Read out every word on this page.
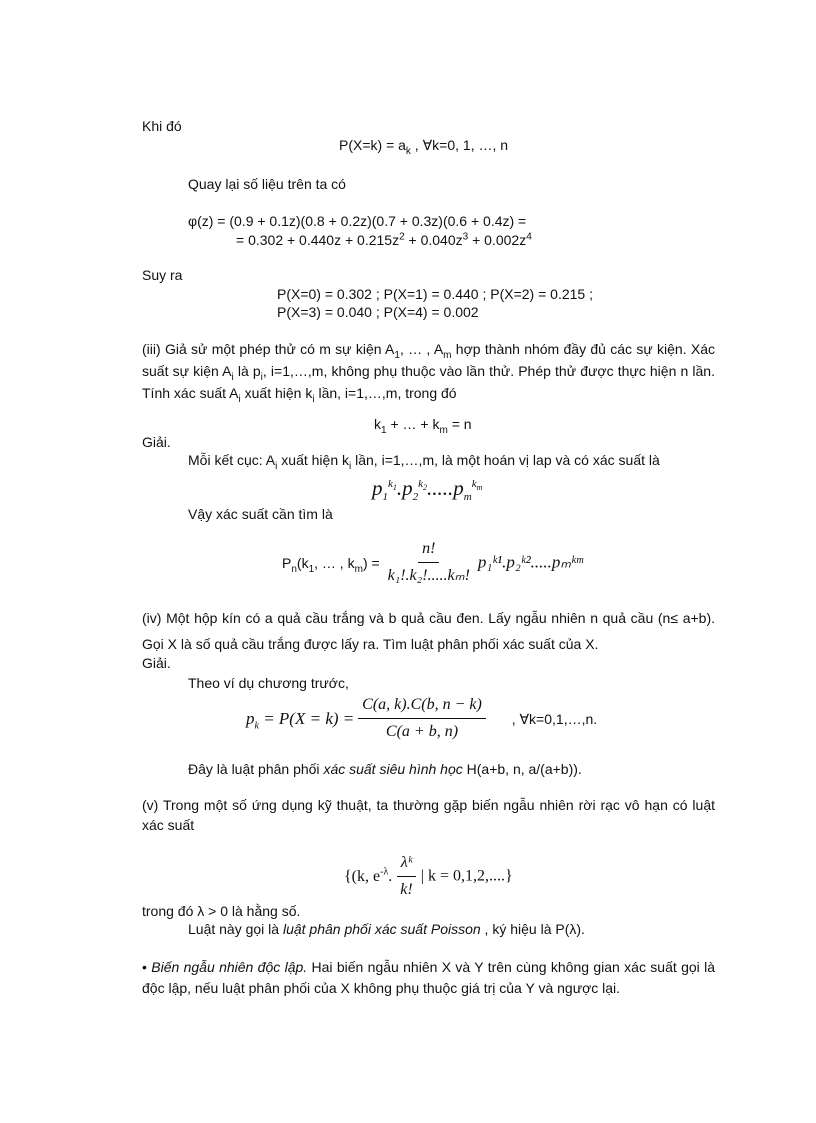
Khi đó
$P(X=k) = a_k$ , ∀k=0, 1, …, n
Quay lại số liệu trên ta có
φ(z) = (0.9 + 0.1z)(0.8 + 0.2z)(0.7 + 0.3z)(0.6 + 0.4z) =
= $0.302 + 0.440z + 0.215z^2 + 0.040z^3 + 0.002z^4$
Suy ra
P(X=0) = 0.302 ; P(X=1) = 0.440 ; P(X=2) = 0.215 ;
P(X=3) = 0.040 ; P(X=4) = 0.002
(iii) Giả sử một phép thử có m sự kiện $A_1$, … , $A_m$ hợp thành nhóm đầy đủ các sự kiện. Xác suất sự kiện $A_i$ là $p_i$, i=1,…,m, không phụ thuộc vào lần thử. Phép thử được thực hiện n lần. Tính xác suất $A_i$ xuất hiện $k_i$ lần, i=1,…,m, trong đó
$k_1$ + … + $k_m = n$
Giải.
Mỗi kết cục: $A_i$ xuất hiện $k_i$ lần, i=1,…,m, là một hoán vị lap và có xác suất là
$p_1^{k_1}.p_2^{k_2}.....p_m^{k_m}$
Vậy xác suất cần tìm là
$P_n(k_1$, … , $k_m) = \frac{n!}{\text{k₁!.k₂!.....kₘ!}}$ p₁ᵏ¹.p₂ᵏ².....pₘᵏᵐ
(iv) Một hộp kín có a quả cầu trắng và b quả cầu đen. Lấy ngẫu nhiên n quả cầu (n≤ a+b). Gọi X là số quả cầu trắng được lấy ra. Tìm luật phân phối xác suất của X.
Giải.
Theo ví dụ chương trước,
$p_k = P(X = k) = \frac{C(a, k).C(b, n - k)}{C(a + b, n)}$ , ∀k=0,1,…,n.
Đây là luật phân phối xác suất siêu hình học H(a+b, n, a/(a+b)).
(v) Trong một số ứng dụng kỹ thuật, ta thường gặp biến ngẫu nhiên rời rạc vô hạn có luật xác suất
{(k, $e^{-\lambda}$. $\frac{\text{λᵏ}}{k!}$ | k = 0,1,2,....}
trong đó λ > 0 là hằng số.
Luật này gọi là luật phân phối xác suất Poisson , ký hiệu là P(λ).
• Biến ngẫu nhiên độc lập. Hai biến ngẫu nhiên X và Y trên cùng không gian xác suất gọi là độc lập, nếu luật phân phối của X không phụ thuộc giá trị của Y và ngược lại.
